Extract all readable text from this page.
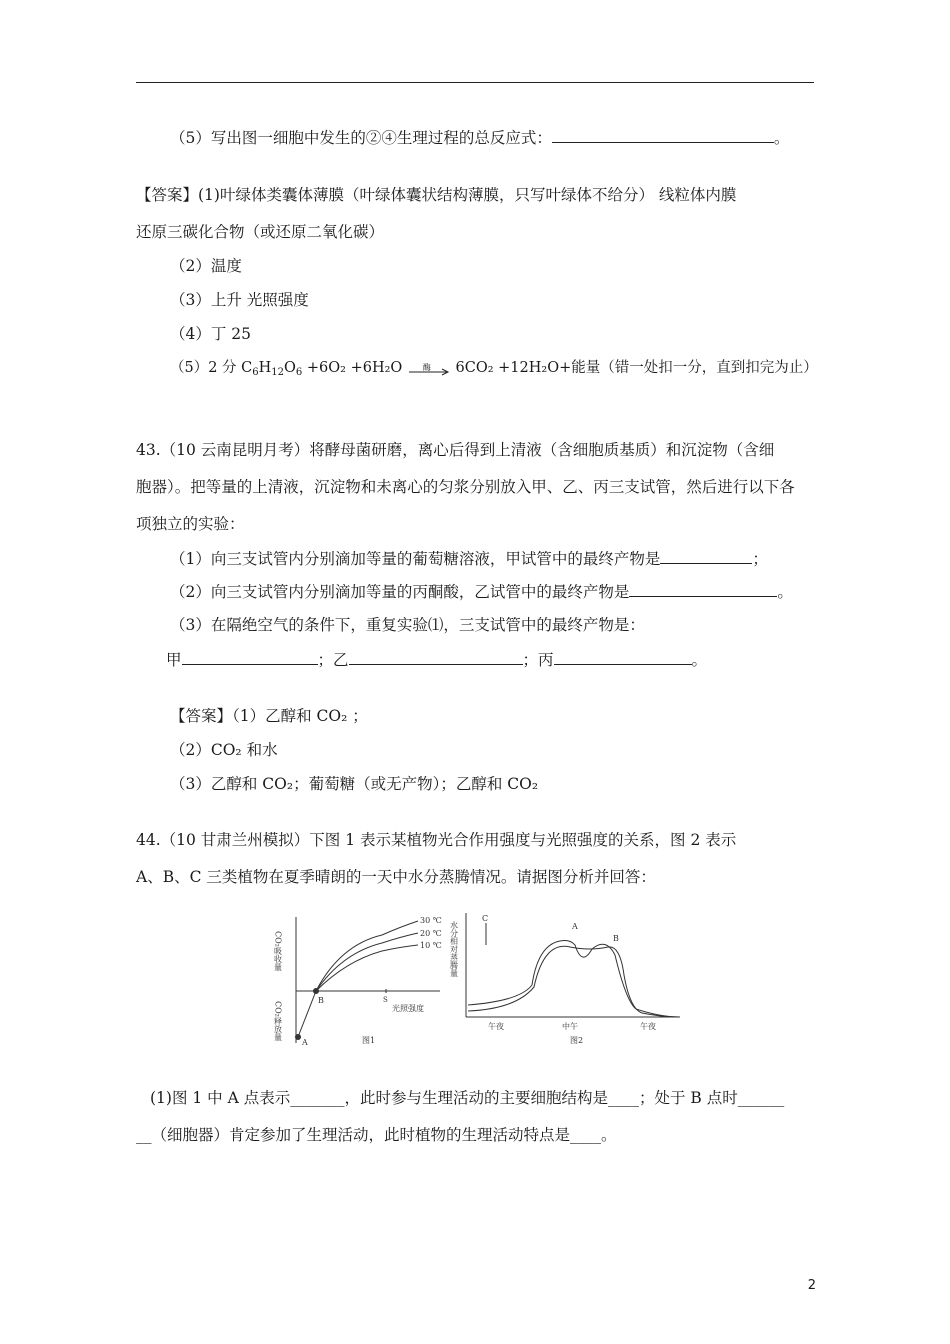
（5）写出图一细胞中发生的②④生理过程的总反应式：	。
【答案】(1)叶绿体类囊体薄膜（叶绿体囊状结构薄膜，只写叶绿体不给分） 线粒体内膜
还原三碳化合物（或还原二氧化碳）
（2）温度
（3）上升 光照强度
（4）丁 25
（5）2 分 $C_6H_{12}O_6 +6O_2 +6H_2O$	酶 6CO₂ +12H₂O+能量（错一处扣一分，直到扣完为止）
43.（10 云南昆明月考）将酵母菌研磨，离心后得到上清液（含细胞质基质）和沉淀物（含细
胞器）。把等量的上清液，沉淀物和未离心的匀浆分别放入甲、乙、丙三支试管，然后进行以下各
项独立的实验：
（1）向三支试管内分别滴加等量的葡萄糖溶液，甲试管中的最终产物是	；
（2）向三支试管内分别滴加等量的丙酮酸，乙试管中的最终产物是	。
（3）在隔绝空气的条件下，重复实验⑴，三支试管中的最终产物是：
甲	；乙	；丙	。
【答案】（1）乙醇和 CO₂ ；
（2）CO₂ 和水
（3）乙醇和 CO₂；葡萄糖（或无产物）；乙醇和 CO₂
44.（10 甘肃兰州模拟）下图 1 表示某植物光合作用强度与光照强度的关系，图 2 表示
A、B、C 三类植物在夏季晴朗的一天中水分蒸腾情况。请据图分析并回答：
CO₂吸收量
30 ℃
20 ℃
10 ℃
A
B	S
光照强度
图1
CO₂释放量
水分相对蒸腾量
C
A
B
午夜	中午	午夜
图2
(1)图 1 中 A 点表示_______，此时参与生理活动的主要细胞结构是____；处于 B 点时______
__（细胞器）肯定参加了生理活动，此时植物的生理活动特点是____。
2
